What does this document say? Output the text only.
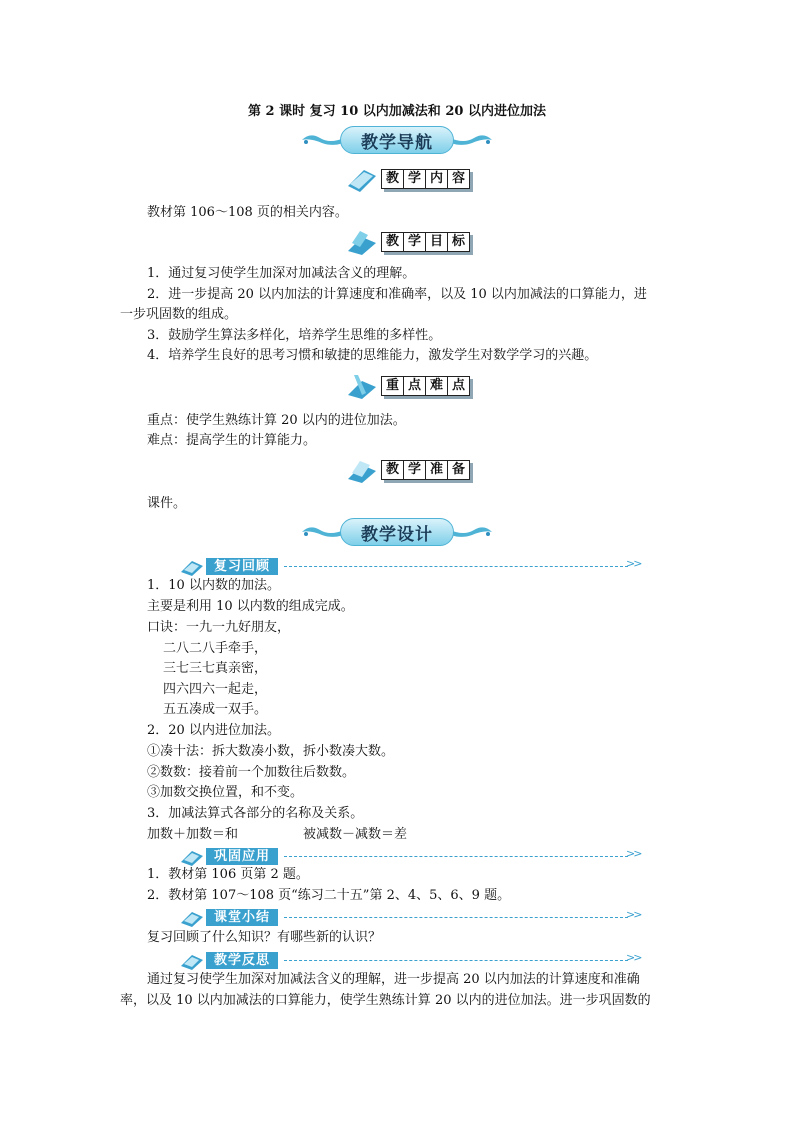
第 2 课时 复习 10 以内加减法和 20 以内进位加法
教学导航
教 学 内 容
教材第 106～108 页的相关内容。
教 学 目 标
1．通过复习使学生加深对加减法含义的理解。
2．进一步提高 20 以内加法的计算速度和准确率，以及 10 以内加减法的口算能力，进
一步巩固数的组成。
3．鼓励学生算法多样化，培养学生思维的多样性。
4．培养学生良好的思考习惯和敏捷的思维能力，激发学生对数学学习的兴趣。
重 点 难 点
重点：使学生熟练计算 20 以内的进位加法。
难点：提高学生的计算能力。
教 学 准 备
课件。
教学设计
复习回顾	>>
1．10 以内数的加法。
主要是利用 10 以内数的组成完成。
口诀：一九一九好朋友，
二八二八手牵手，
三七三七真亲密，
四六四六一起走，
五五凑成一双手。
2．20 以内进位加法。
①凑十法：拆大数凑小数，拆小数凑大数。
②数数：接着前一个加数往后数数。
③加数交换位置，和不变。
3．加减法算式各部分的名称及关系。
加数＋加数＝和	被减数－减数＝差
巩固应用	>>
1．教材第 106 页第 2 题。
2．教材第 107～108 页“练习二十五”第 2、4、5、6、9 题。
课堂小结	>>
复习回顾了什么知识？有哪些新的认识？
教学反思	>>
通过复习使学生加深对加减法含义的理解，进一步提高 20 以内加法的计算速度和准确
率，以及 10 以内加减法的口算能力，使学生熟练计算 20 以内的进位加法。进一步巩固数的
